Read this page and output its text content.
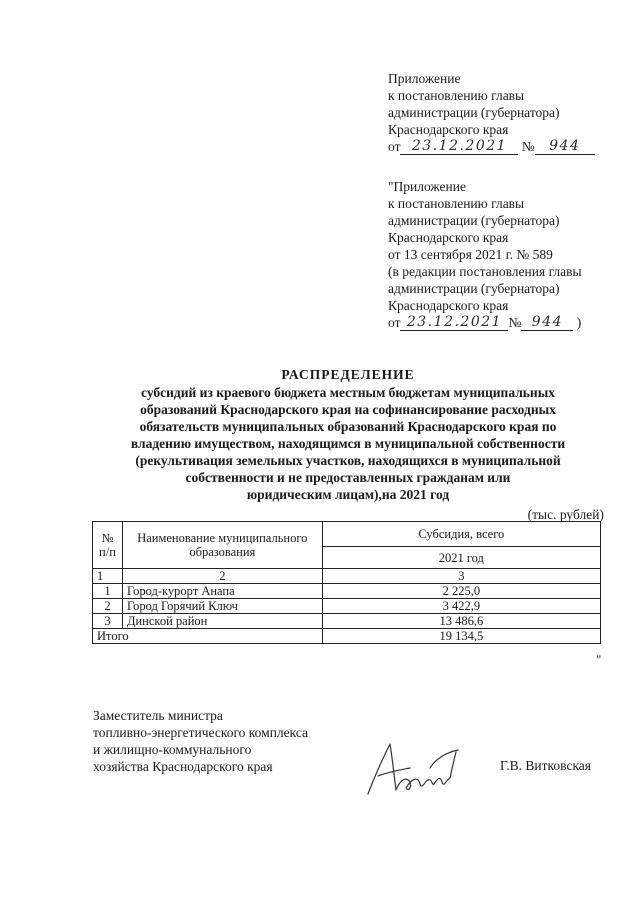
Приложение
к постановлению главы
администрации (губернатора)
Краснодарского края
от 23.12.2021 № 944
"Приложение
к постановлению главы
администрации (губернатора)
Краснодарского края
от 13 сентября 2021 г. № 589
(в редакции постановления главы
администрации (губернатора)
Краснодарского края
от 23.12.2021 № 944 )
РАСПРЕДЕЛЕНИЕ
субсидий из краевого бюджета местным бюджетам муниципальных
образований Краснодарского края на софинансирование расходных
обязательств муниципальных образований Краснодарского края по
владению имуществом, находящимся в муниципальной собственности
(рекультивация земельных участков, находящихся в муниципальной
собственности и не предоставленных гражданам или
юридическим лицам),на 2021 год
(тыс. рублей)
№ п/п	Наименование муниципального образования	Субсидия, всего
		2021 год
1	2	3
1	Город-курорт Анапа	2 225,0
2	Город Горячий Ключ	3 422,9
3	Динской район	13 486,6
Итого		19 134,5
"
Заместитель министра
топливно-энергетического комплекса
и жилищно-коммунального
хозяйства Краснодарского края	Г.В. Витковская
